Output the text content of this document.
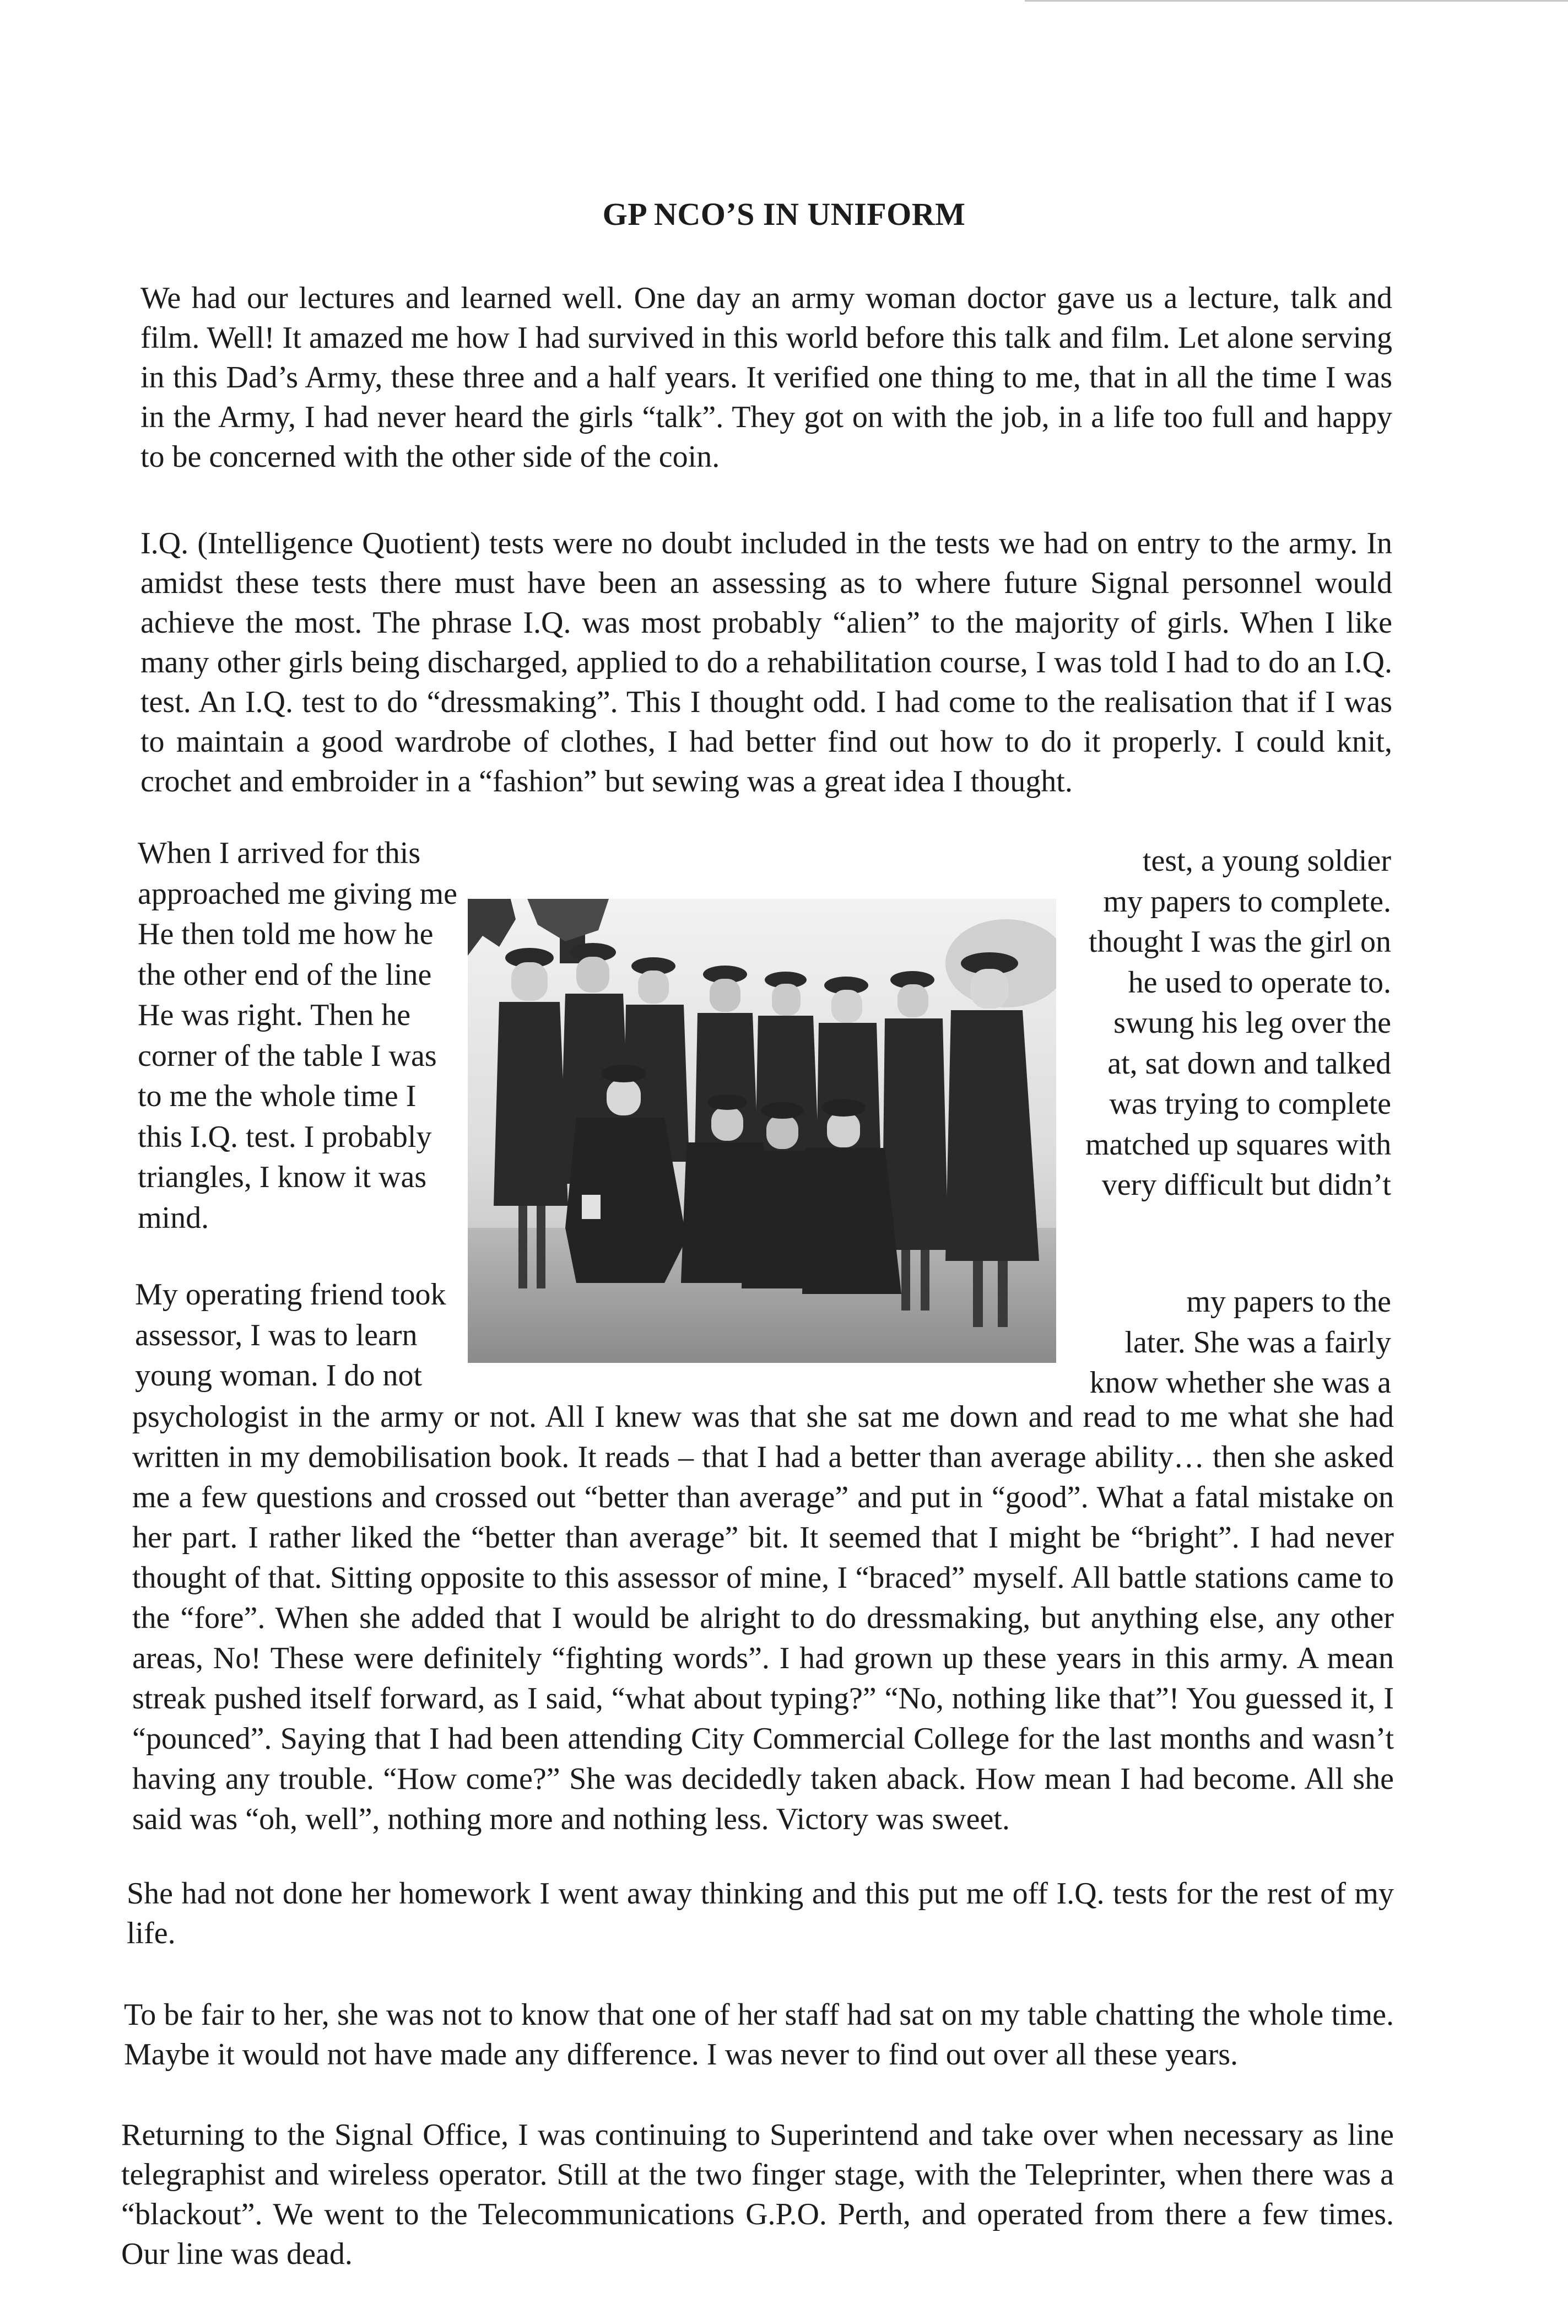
GP NCO’S IN UNIFORM

We had our lectures and learned well. One day an army woman doctor gave us a lecture, talk and film. Well! It amazed me how I had survived in this world before this talk and film. Let alone serving in this Dad’s Army, these three and a half years. It verified one thing to me, that in all the time I was in the Army, I had never heard the girls “talk”. They got on with the job, in a life too full and happy to be concerned with the other side of the coin.

I.Q. (Intelligence Quotient) tests were no doubt included in the tests we had on entry to the army. In amidst these tests there must have been an assessing as to where future Signal personnel would achieve the most. The phrase I.Q. was most probably “alien” to the majority of girls. When I like many other girls being discharged, applied to do a rehabilitation course, I was told I had to do an I.Q. test. An I.Q. test to do “dressmaking”. This I thought odd. I had come to the realisation that if I was to maintain a good wardrobe of clothes, I had better find out how to do it properly. I could knit, crochet and embroider in a “fashion” but sewing was a great idea I thought.

When I arrived for this
approached me giving me
He then told me how he
the other end of the line
He was right. Then he
corner of the table I was
to me the whole time I
this I.Q. test. I probably
triangles, I know it was
mind.
test, a young soldier
my papers to complete.
thought I was the girl on
he used to operate to.
swung his leg over the
at, sat down and talked
was trying to complete
matched up squares with
very difficult but didn’t
My operating friend took
assessor, I was to learn
young woman. I do not
my papers to the
later. She was a fairly
know whether she was a

psychologist in the army or not. All I knew was that she sat me down and read to me what she had written in my demobilisation book. It reads – that I had a better than average ability… then she asked me a few questions and crossed out “better than average” and put in “good”. What a fatal mistake on her part. I rather liked the “better than average” bit. It seemed that I might be “bright”. I had never thought of that. Sitting opposite to this assessor of mine, I “braced” myself. All battle stations came to the “fore”. When she added that I would be alright to do dressmaking, but anything else, any other areas, No! These were definitely “fighting words”. I had grown up these years in this army. A mean streak pushed itself forward, as I said, “what about typing?” “No, nothing like that”! You guessed it, I “pounced”. Saying that I had been attending City Commercial College for the last months and wasn’t having any trouble. “How come?” She was decidedly taken aback. How mean I had become. All she said was “oh, well”, nothing more and nothing less. Victory was sweet.

She had not done her homework I went away thinking and this put me off I.Q. tests for the rest of my life.

To be fair to her, she was not to know that one of her staff had sat on my table chatting the whole time. Maybe it would not have made any difference. I was never to find out over all these years.

Returning to the Signal Office, I was continuing to Superintend and take over when necessary as line telegraphist and wireless operator. Still at the two finger stage, with the Teleprinter, when there was a “blackout”. We went to the Telecommunications G.P.O. Perth, and operated from there a few times. Our line was dead.
